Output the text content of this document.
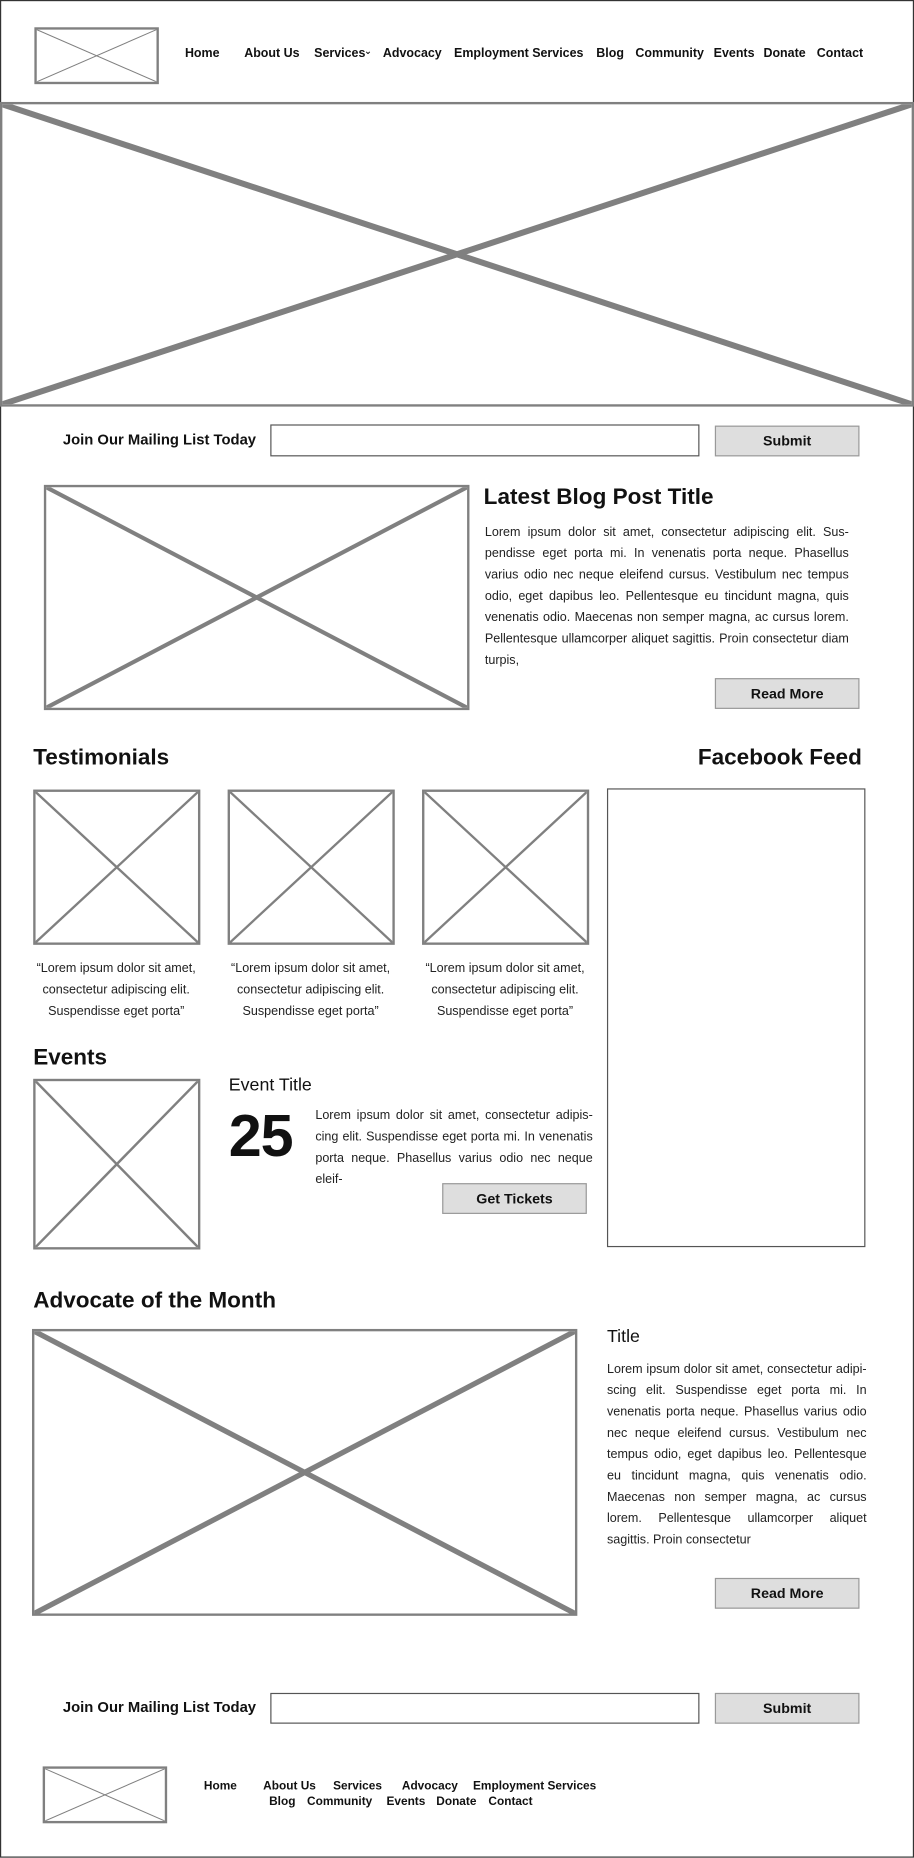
Home About Us Services
⌄ Advocacy Employment Services Blog Community Events Donate Contact
Join Our Mailing List Today	Submit
Latest Blog Post Title
Lorem ipsum dolor sit amet, consectetur adipiscing elit. Suspendisse eget porta mi. In venenatis porta neque. Phasellus varius odio nec neque eleifend cursus. Vestibulum nec tempus odio, eget dapibus leo. Pellentesque eu tincidunt magna, quis venenatis odio. Maecenas non semper magna, ac cursus lorem. Pellentesque ullamcorper aliquet sagittis. Proin consectetur diam turpis,
Read More
Testimonials	Facebook Feed
“Lorem ipsum dolor sit amet, consectetur adipiscing elit. Suspendisse eget porta”
“Lorem ipsum dolor sit amet, consectetur adipiscing elit. Suspendisse eget porta”
“Lorem ipsum dolor sit amet, consectetur adipiscing elit. Suspendisse eget porta”
Events
Event Title
25 Lorem ipsum dolor sit amet, consectetur adipiscing elit. Suspendisse eget porta mi. In venenatis porta neque. Phasellus varius odio nec neque eleif-
Get Tickets
Advocate of the Month
Title
Lorem ipsum dolor sit amet, consectetur adipiscing elit. Suspendisse eget porta mi. In venenatis porta neque. Phasellus varius odio nec neque eleifend cursus. Vestibulum nec tempus odio, eget dapibus leo. Pellentesque eu tincidunt magna, quis venenatis odio. Maecenas non semper magna, ac cursus lorem. Pellentesque ullamcorper aliquet sagittis. Proin consectetur
Read More
Join Our Mailing List Today	Submit
Home	About Us Services Advocacy Employment Services
Blog Community Events Donate Contact
